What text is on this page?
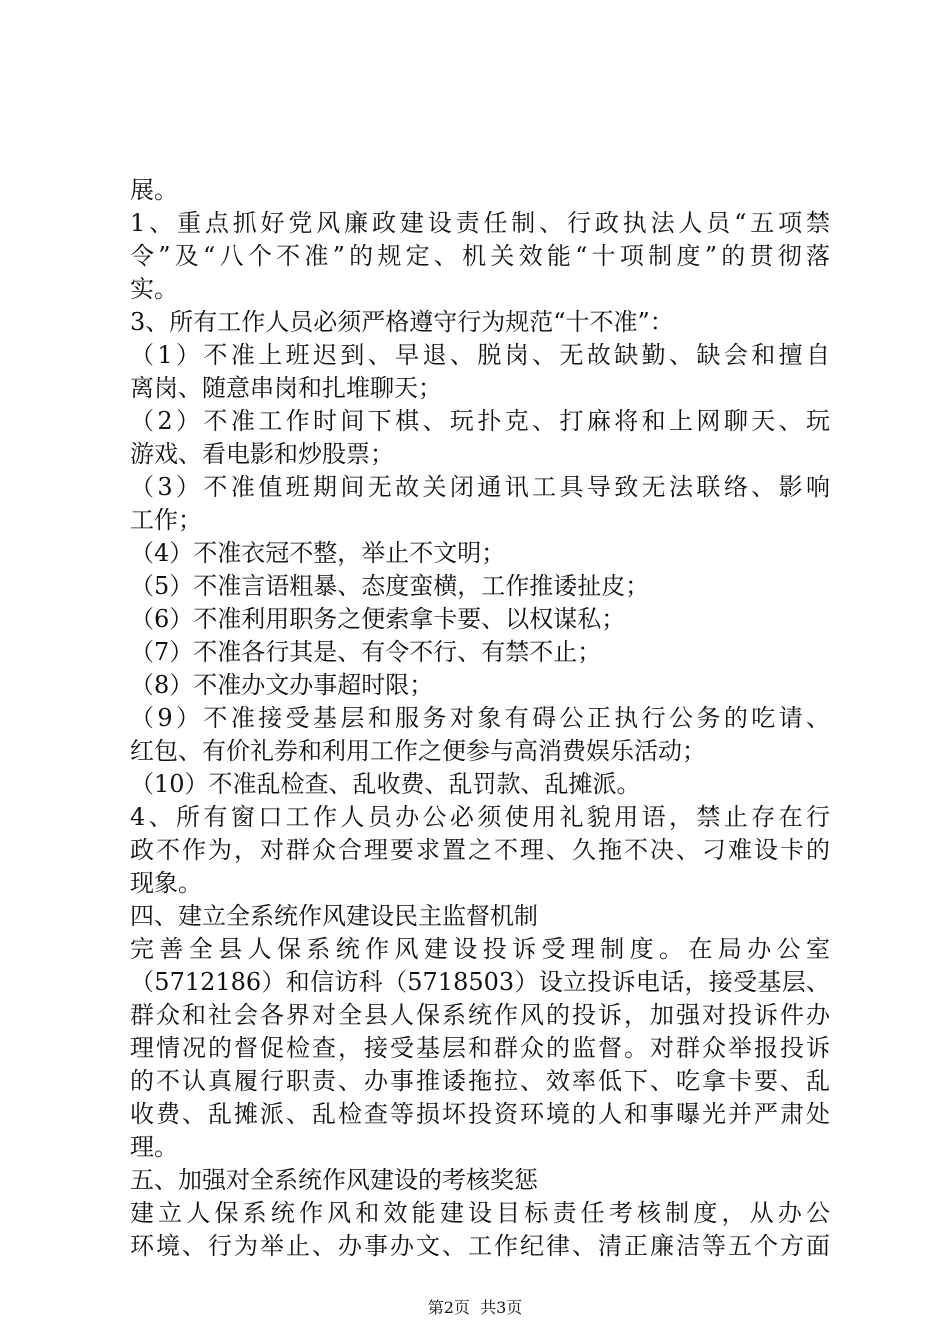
展。
1、重点抓好党风廉政建设责任制、行政执法人员“五项禁
令”及“八个不准”的规定、机关效能“十项制度”的贯彻落
实。
3、所有工作人员必须严格遵守行为规范“十不准”：
（1）不准上班迟到、早退、脱岗、无故缺勤、缺会和擅自
离岗、随意串岗和扎堆聊天；
（2）不准工作时间下棋、玩扑克、打麻将和上网聊天、玩
游戏、看电影和炒股票；
（3）不准值班期间无故关闭通讯工具导致无法联络、影响
工作；
（4）不准衣冠不整，举止不文明；
（5）不准言语粗暴、态度蛮横，工作推诿扯皮；
（6）不准利用职务之便索拿卡要、以权谋私；
（7）不准各行其是、有令不行、有禁不止；
（8）不准办文办事超时限；
（9）不准接受基层和服务对象有碍公正执行公务的吃请、
红包、有价礼券和利用工作之便参与高消费娱乐活动；
（10）不准乱检查、乱收费、乱罚款、乱摊派。
4、所有窗口工作人员办公必须使用礼貌用语，禁止存在行
政不作为，对群众合理要求置之不理、久拖不决、刁难设卡的
现象。
四、建立全系统作风建设民主监督机制
完善全县人保系统作风建设投诉受理制度。在局办公室
（5712186）和信访科（5718503）设立投诉电话，接受基层、
群众和社会各界对全县人保系统作风的投诉，加强对投诉件办
理情况的督促检查，接受基层和群众的监督。对群众举报投诉
的不认真履行职责、办事推诿拖拉、效率低下、吃拿卡要、乱
收费、乱摊派、乱检查等损坏投资环境的人和事曝光并严肃处
理。
五、加强对全系统作风建设的考核奖惩
建立人保系统作风和效能建设目标责任考核制度，从办公
环境、行为举止、办事办文、工作纪律、清正廉洁等五个方面
第2页  共3页
